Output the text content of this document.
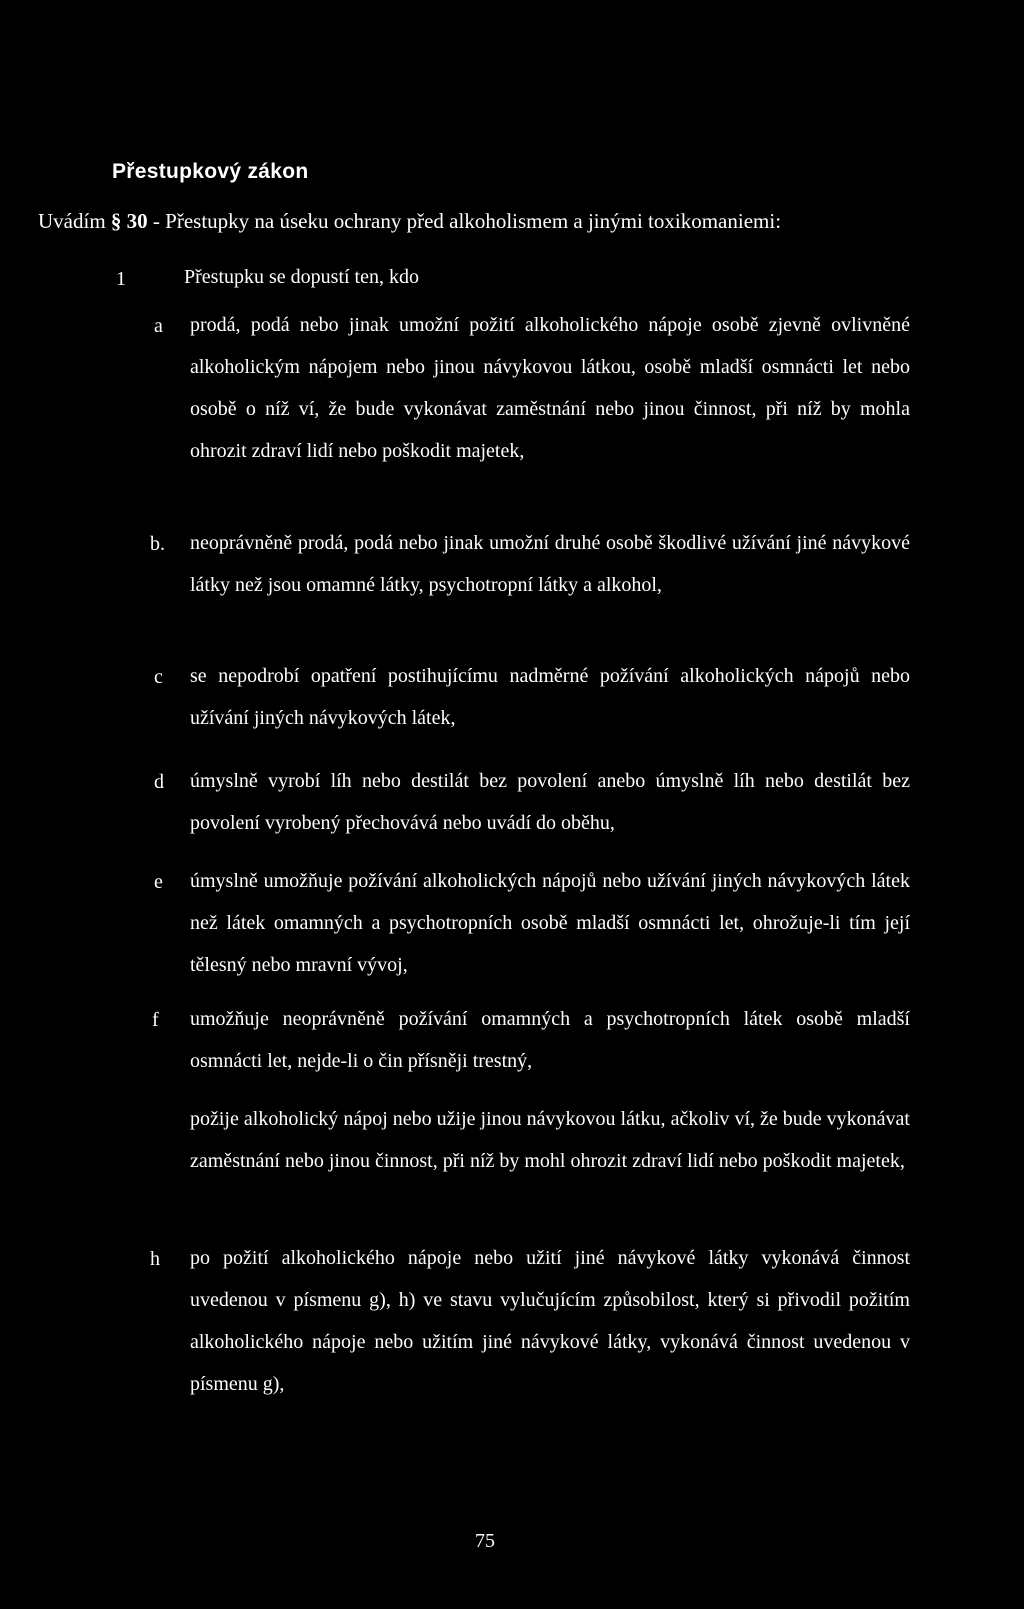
Přestupkový zákon
Uvádím § 30 - Přestupky na úseku ochrany před alkoholismem a jinými toxikomaniemi:
1	Přestupku se dopustí ten, kdo
a prodá, podá nebo jinak umožní požití alkoholického nápoje osobě zjevně ovlivněné alkoholickým nápojem nebo jinou návykovou látkou, osobě mladší osmnácti let nebo osobě o níž ví, že bude vykonávat zaměstnání nebo jinou činnost, při níž by mohla ohrozit zdraví lidí nebo poškodit majetek,
b. neoprávněně prodá, podá nebo jinak umožní druhé osobě škodlivé užívání jiné návykové látky než jsou omamné látky, psychotropní látky a alkohol,
c se nepodrobí opatření postihujícímu nadměrné požívání alkoholických nápojů nebo užívání jiných návykových látek,
d úmyslně vyrobí líh nebo destilát bez povolení anebo úmyslně líh nebo destilát bez povolení vyrobený přechovává nebo uvádí do oběhu,
e úmyslně umožňuje požívání alkoholických nápojů nebo užívání jiných návykových látek než látek omamných a psychotropních osobě mladší osmnácti let, ohrožuje-li tím její tělesný nebo mravní vývoj,
f umožňuje neoprávněně požívání omamných a psychotropních látek osobě mladší osmnácti let, nejde-li o čin přísněji trestný,
požije alkoholický nápoj nebo užije jinou návykovou látku, ačkoliv ví, že bude vykonávat zaměstnání nebo jinou činnost, při níž by mohl ohrozit zdraví lidí nebo poškodit majetek,
h po požití alkoholického nápoje nebo užití jiné návykové látky vykonává činnost uvedenou v písmenu g), h) ve stavu vylučujícím způsobilost, který si přivodil požitím alkoholického nápoje nebo užitím jiné návykové látky, vykonává činnost uvedenou v písmenu g),
75
